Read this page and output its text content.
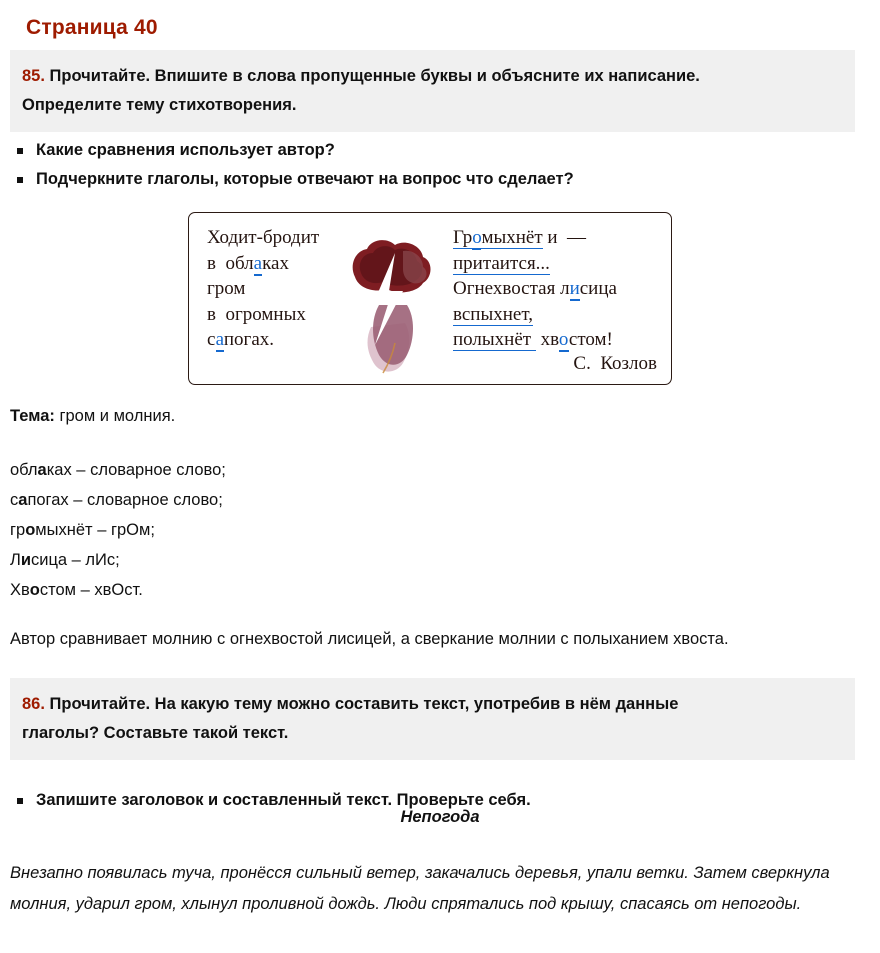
Страница 40
85. Прочитайте. Впишите в слова пропущенные буквы и объясните их написание.
Определите тему стихотворения.
Какие сравнения использует автор?
Подчеркните глаголы, которые отвечают на вопрос что сделает?
Ходит-бродит
в  облаках
гром
в  огромных
сапогах.
Громыхнёт и  —
притаится...
Огнехвостая лисица
вспыхнет,
полыхнёт  хвостом!
С.  Козлов
Тема: гром и молния.
облаках – словарное слово;
сапогах – словарное слово;
громыхнёт – грОм;
Лисица – лИс;
Хвостом – хвОст.
Автор сравнивает молнию с огнехвостой лисицей, а сверкание молнии с полыханием хвоста.
86. Прочитайте. На какую тему можно составить текст, употребив в нём данные
глаголы? Составьте такой текст.
Запишите заголовок и составленный текст. Проверьте себя.
Непогода
Внезапно появилась туча, пронёсся сильный ветер, закачались деревья, упали ветки. Затем сверкнула молния, ударил гром, хлынул проливной дождь. Люди спрятались под крышу, спасаясь от непогоды.
